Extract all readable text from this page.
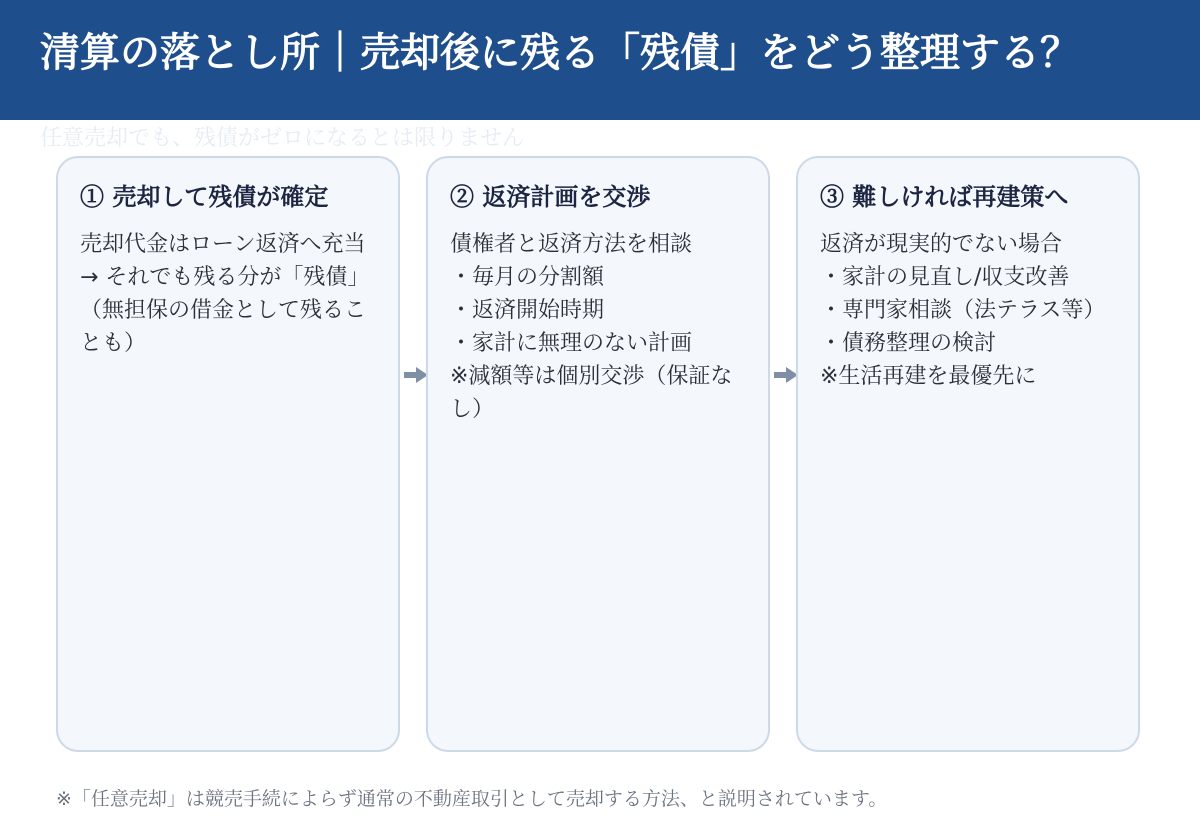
清算の落とし所｜売却後に残る「残債」をどう整理する？

任意売却でも、残債がゼロになるとは限りません

① 売却して残債が確定
売却代金はローン返済へ充当
→ それでも残る分が「残債」
（無担保の借金として残ることも）
② 返済計画を交渉
債権者と返済方法を相談
・毎月の分割額
・返済開始時期
・家計に無理のない計画
※減額等は個別交渉（保証なし）
③ 難しければ再建策へ
返済が現実的でない場合
・家計の見直し/収支改善
・専門家相談（法テラス等）
・債務整理の検討
※生活再建を最優先に

※「任意売却」は競売手続によらず通常の不動産取引として売却する方法、と説明されています。
